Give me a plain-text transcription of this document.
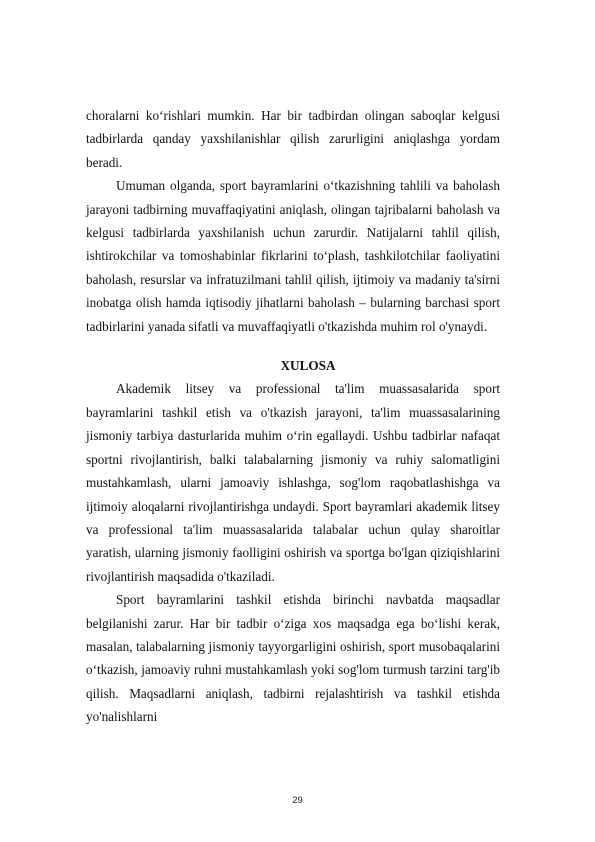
choralarni ko‘rishlari mumkin. Har bir tadbirdan olingan saboqlar kelgusi tadbirlarda qanday yaxshilanishlar qilish zarurligini aniqlashga yordam beradi.

Umuman olganda, sport bayramlarini o‘tkazishning tahlili va baholash jarayoni tadbirning muvaffaqiyatini aniqlash, olingan tajribalarni baholash va kelgusi tadbirlarda yaxshilanish uchun zarurdir. Natijalarni tahlil qilish, ishtirokchilar va tomoshabinlar fikrlarini to‘plash, tashkilotchilar faoliyatini baholash, resurslar va infratuzilmani tahlil qilish, ijtimoiy va madaniy ta'sirni inobatga olish hamda iqtisodiy jihatlarni baholash – bularning barchasi sport tadbirlarini yanada sifatli va muvaffaqiyatli o'tkazishda muhim rol o'ynaydi.

XULOSA

Akademik litsey va professional ta'lim muassasalarida sport bayramlarini tashkil etish va o'tkazish jarayoni, ta'lim muassasalarining jismoniy tarbiya dasturlarida muhim o‘rin egallaydi. Ushbu tadbirlar nafaqat sportni rivojlantirish, balki talabalarning jismoniy va ruhiy salomatligini mustahkamlash, ularni jamoaviy ishlashga, sog'lom raqobatlashishga va ijtimoiy aloqalarni rivojlantirishga undaydi. Sport bayramlari akademik litsey va professional ta'lim muassasalarida talabalar uchun qulay sharoitlar yaratish, ularning jismoniy faolligini oshirish va sportga bo'lgan qiziqishlarini rivojlantirish maqsadida o'tkaziladi.

Sport bayramlarini tashkil etishda birinchi navbatda maqsadlar belgilanishi zarur. Har bir tadbir o‘ziga xos maqsadga ega bo‘lishi kerak, masalan, talabalarning jismoniy tayyorgarligini oshirish, sport musobaqalarini o‘tkazish, jamoaviy ruhni mustahkamlash yoki sog'lom turmush tarzini targ'ib qilish. Maqsadlarni aniqlash, tadbirni rejalashtirish va tashkil etishda yo'nalishlarni

29
